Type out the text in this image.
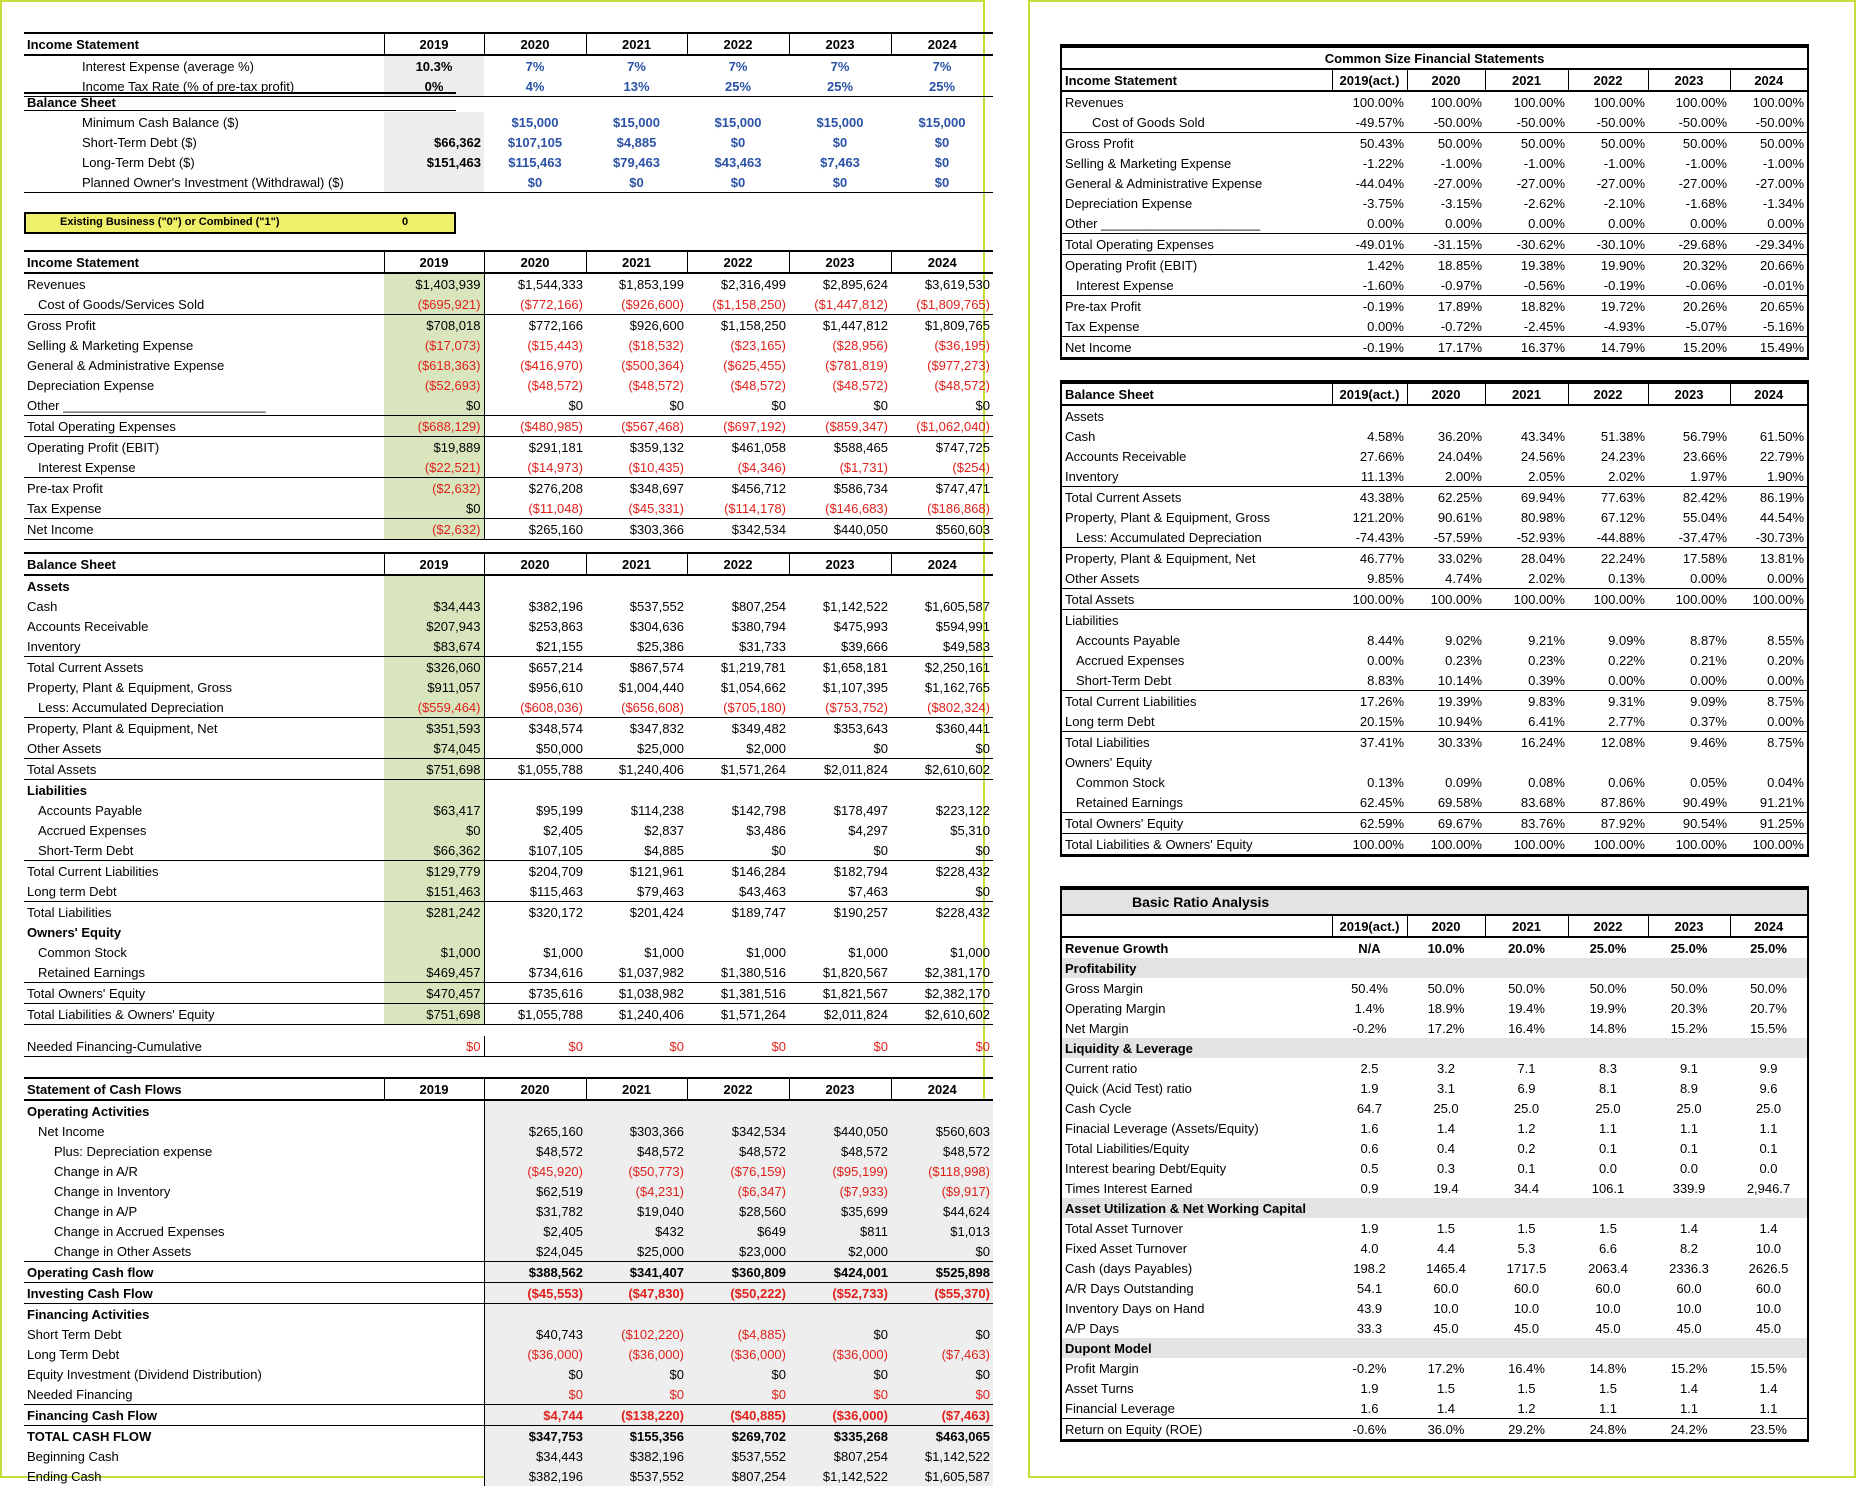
Income Statement	2019	2020	2021	2022	2023	2024
Interest Expense (average %)	10.3%	7%	7%	7%	7%	7%
Income Tax Rate (% of pre-tax profit)	0%	4%	13%	25%	25%	25%
Minimum Cash Balance ($)		$15,000	$15,000	$15,000	$15,000	$15,000
Short-Term Debt ($)	$66,362	$107,105	$4,885	$0	$0	$0
Long-Term Debt ($)	$151,463	$115,463	$79,463	$43,463	$7,463	$0
Planned Owner's Investment (Withdrawal) ($)		$0	$0	$0	$0	$0
Balance Sheet
Existing Business ("0") or Combined ("1")	0
Income Statement	2019	2020	2021	2022	2023	2024
Revenues	$1,403,939	$1,544,333	$1,853,199	$2,316,499	$2,895,624	$3,619,530
Cost of Goods/Services Sold	($695,921)	($772,166)	($926,600)	($1,158,250)	($1,447,812)	($1,809,765)
Gross Profit	$708,018	$772,166	$926,600	$1,158,250	$1,447,812	$1,809,765
Selling & Marketing Expense	($17,073)	($15,443)	($18,532)	($23,165)	($28,956)	($36,195)
General & Administrative Expense	($618,363)	($416,970)	($500,364)	($625,455)	($781,819)	($977,273)
Depreciation Expense	($52,693)	($48,572)	($48,572)	($48,572)	($48,572)	($48,572)
Other ____________________________	$0	$0	$0	$0	$0	$0
Total Operating Expenses	($688,129)	($480,985)	($567,468)	($697,192)	($859,347)	($1,062,040)
Operating Profit (EBIT)	$19,889	$291,181	$359,132	$461,058	$588,465	$747,725
Interest Expense	($22,521)	($14,973)	($10,435)	($4,346)	($1,731)	($254)
Pre-tax Profit	($2,632)	$276,208	$348,697	$456,712	$586,734	$747,471
Tax Expense	$0	($11,048)	($45,331)	($114,178)	($146,683)	($186,868)
Net Income	($2,632)	$265,160	$303,366	$342,534	$440,050	$560,603
Balance Sheet	2019	2020	2021	2022	2023	2024
Assets						
Cash	$34,443	$382,196	$537,552	$807,254	$1,142,522	$1,605,587
Accounts Receivable	$207,943	$253,863	$304,636	$380,794	$475,993	$594,991
Inventory	$83,674	$21,155	$25,386	$31,733	$39,666	$49,583
Total Current Assets	$326,060	$657,214	$867,574	$1,219,781	$1,658,181	$2,250,161
Property, Plant & Equipment, Gross	$911,057	$956,610	$1,004,440	$1,054,662	$1,107,395	$1,162,765
Less: Accumulated Depreciation	($559,464)	($608,036)	($656,608)	($705,180)	($753,752)	($802,324)
Property, Plant & Equipment, Net	$351,593	$348,574	$347,832	$349,482	$353,643	$360,441
Other Assets	$74,045	$50,000	$25,000	$2,000	$0	$0
Total Assets	$751,698	$1,055,788	$1,240,406	$1,571,264	$2,011,824	$2,610,602
Liabilities						
Accounts Payable	$63,417	$95,199	$114,238	$142,798	$178,497	$223,122
Accrued Expenses	$0	$2,405	$2,837	$3,486	$4,297	$5,310
Short-Term Debt	$66,362	$107,105	$4,885	$0	$0	$0
Total Current Liabilities	$129,779	$204,709	$121,961	$146,284	$182,794	$228,432
Long term Debt	$151,463	$115,463	$79,463	$43,463	$7,463	$0
Total Liabilities	$281,242	$320,172	$201,424	$189,747	$190,257	$228,432
Owners' Equity						
Common Stock	$1,000	$1,000	$1,000	$1,000	$1,000	$1,000
Retained Earnings	$469,457	$734,616	$1,037,982	$1,380,516	$1,820,567	$2,381,170
Total Owners' Equity	$470,457	$735,616	$1,038,982	$1,381,516	$1,821,567	$2,382,170
Total Liabilities & Owners' Equity	$751,698	$1,055,788	$1,240,406	$1,571,264	$2,011,824	$2,610,602
Needed Financing-Cumulative	$0	$0	$0	$0	$0	$0
Statement of Cash Flows	2019	2020	2021	2022	2023	2024
Operating Activities						
Net Income		$265,160	$303,366	$342,534	$440,050	$560,603
Plus: Depreciation expense		$48,572	$48,572	$48,572	$48,572	$48,572
Change in A/R		($45,920)	($50,773)	($76,159)	($95,199)	($118,998)
Change in Inventory		$62,519	($4,231)	($6,347)	($7,933)	($9,917)
Change in A/P		$31,782	$19,040	$28,560	$35,699	$44,624
Change in Accrued Expenses		$2,405	$432	$649	$811	$1,013
Change in Other Assets		$24,045	$25,000	$23,000	$2,000	$0
Operating Cash flow		$388,562	$341,407	$360,809	$424,001	$525,898
Investing Cash Flow		($45,553)	($47,830)	($50,222)	($52,733)	($55,370)
Financing Activities						
Short Term Debt		$40,743	($102,220)	($4,885)	$0	$0
Long Term Debt		($36,000)	($36,000)	($36,000)	($36,000)	($7,463)
Equity Investment (Dividend Distribution)		$0	$0	$0	$0	$0
Needed Financing		$0	$0	$0	$0	$0
Financing Cash Flow		$4,744	($138,220)	($40,885)	($36,000)	($7,463)
TOTAL CASH FLOW		$347,753	$155,356	$269,702	$335,268	$463,065
Beginning Cash		$34,443	$382,196	$537,552	$807,254	$1,142,522
Ending Cash		$382,196	$537,552	$807,254	$1,142,522	$1,605,587
Common Size Financial Statements						
Income Statement	2019(act.)	2020	2021	2022	2023	2024
Revenues	100.00%	100.00%	100.00%	100.00%	100.00%	100.00%
Cost of Goods Sold	-49.57%	-50.00%	-50.00%	-50.00%	-50.00%	-50.00%
Gross Profit	50.43%	50.00%	50.00%	50.00%	50.00%	50.00%
Selling & Marketing Expense	-1.22%	-1.00%	-1.00%	-1.00%	-1.00%	-1.00%
General & Administrative Expense	-44.04%	-27.00%	-27.00%	-27.00%	-27.00%	-27.00%
Depreciation Expense	-3.75%	-3.15%	-2.62%	-2.10%	-1.68%	-1.34%
Other ______________________	0.00%	0.00%	0.00%	0.00%	0.00%	0.00%
Total Operating Expenses	-49.01%	-31.15%	-30.62%	-30.10%	-29.68%	-29.34%
Operating Profit (EBIT)	1.42%	18.85%	19.38%	19.90%	20.32%	20.66%
Interest Expense	-1.60%	-0.97%	-0.56%	-0.19%	-0.06%	-0.01%
Pre-tax Profit	-0.19%	17.89%	18.82%	19.72%	20.26%	20.65%
Tax Expense	0.00%	-0.72%	-2.45%	-4.93%	-5.07%	-5.16%
Net Income	-0.19%	17.17%	16.37%	14.79%	15.20%	15.49%
Balance Sheet	2019(act.)	2020	2021	2022	2023	2024
Assets						
Cash	4.58%	36.20%	43.34%	51.38%	56.79%	61.50%
Accounts Receivable	27.66%	24.04%	24.56%	24.23%	23.66%	22.79%
Inventory	11.13%	2.00%	2.05%	2.02%	1.97%	1.90%
Total Current Assets	43.38%	62.25%	69.94%	77.63%	82.42%	86.19%
Property, Plant & Equipment, Gross	121.20%	90.61%	80.98%	67.12%	55.04%	44.54%
Less: Accumulated Depreciation	-74.43%	-57.59%	-52.93%	-44.88%	-37.47%	-30.73%
Property, Plant & Equipment, Net	46.77%	33.02%	28.04%	22.24%	17.58%	13.81%
Other Assets	9.85%	4.74%	2.02%	0.13%	0.00%	0.00%
Total Assets	100.00%	100.00%	100.00%	100.00%	100.00%	100.00%
Liabilities						
Accounts Payable	8.44%	9.02%	9.21%	9.09%	8.87%	8.55%
Accrued Expenses	0.00%	0.23%	0.23%	0.22%	0.21%	0.20%
Short-Term Debt	8.83%	10.14%	0.39%	0.00%	0.00%	0.00%
Total Current Liabilities	17.26%	19.39%	9.83%	9.31%	9.09%	8.75%
Long term Debt	20.15%	10.94%	6.41%	2.77%	0.37%	0.00%
Total Liabilities	37.41%	30.33%	16.24%	12.08%	9.46%	8.75%
Owners' Equity						
Common Stock	0.13%	0.09%	0.08%	0.06%	0.05%	0.04%
Retained Earnings	62.45%	69.58%	83.68%	87.86%	90.49%	91.21%
Total Owners' Equity	62.59%	69.67%	83.76%	87.92%	90.54%	91.25%
Total Liabilities & Owners' Equity	100.00%	100.00%	100.00%	100.00%	100.00%	100.00%
Basic Ratio Analysis						
	2019(act.)	2020	2021	2022	2023	2024
Revenue Growth	N/A	10.0%	20.0%	25.0%	25.0%	25.0%
Profitability						
Gross Margin	50.4%	50.0%	50.0%	50.0%	50.0%	50.0%
Operating Margin	1.4%	18.9%	19.4%	19.9%	20.3%	20.7%
Net Margin	-0.2%	17.2%	16.4%	14.8%	15.2%	15.5%
Liquidity & Leverage						
Current ratio	2.5	3.2	7.1	8.3	9.1	9.9
Quick (Acid Test) ratio	1.9	3.1	6.9	8.1	8.9	9.6
Cash Cycle	64.7	25.0	25.0	25.0	25.0	25.0
Finacial Leverage (Assets/Equity)	1.6	1.4	1.2	1.1	1.1	1.1
Total Liabilities/Equity	0.6	0.4	0.2	0.1	0.1	0.1
Interest bearing Debt/Equity	0.5	0.3	0.1	0.0	0.0	0.0
Times Interest Earned	0.9	19.4	34.4	106.1	339.9	2,946.7
Asset Utilization & Net Working Capital						
Total Asset Turnover	1.9	1.5	1.5	1.5	1.4	1.4
Fixed Asset Turnover	4.0	4.4	5.3	6.6	8.2	10.0
Cash (days Payables)	198.2	1465.4	1717.5	2063.4	2336.3	2626.5
A/R Days Outstanding	54.1	60.0	60.0	60.0	60.0	60.0
Inventory Days on Hand	43.9	10.0	10.0	10.0	10.0	10.0
A/P Days	33.3	45.0	45.0	45.0	45.0	45.0
Dupont Model						
Profit Margin	-0.2%	17.2%	16.4%	14.8%	15.2%	15.5%
Asset Turns	1.9	1.5	1.5	1.5	1.4	1.4
Financial Leverage	1.6	1.4	1.2	1.1	1.1	1.1
Return on Equity (ROE)	-0.6%	36.0%	29.2%	24.8%	24.2%	23.5%
